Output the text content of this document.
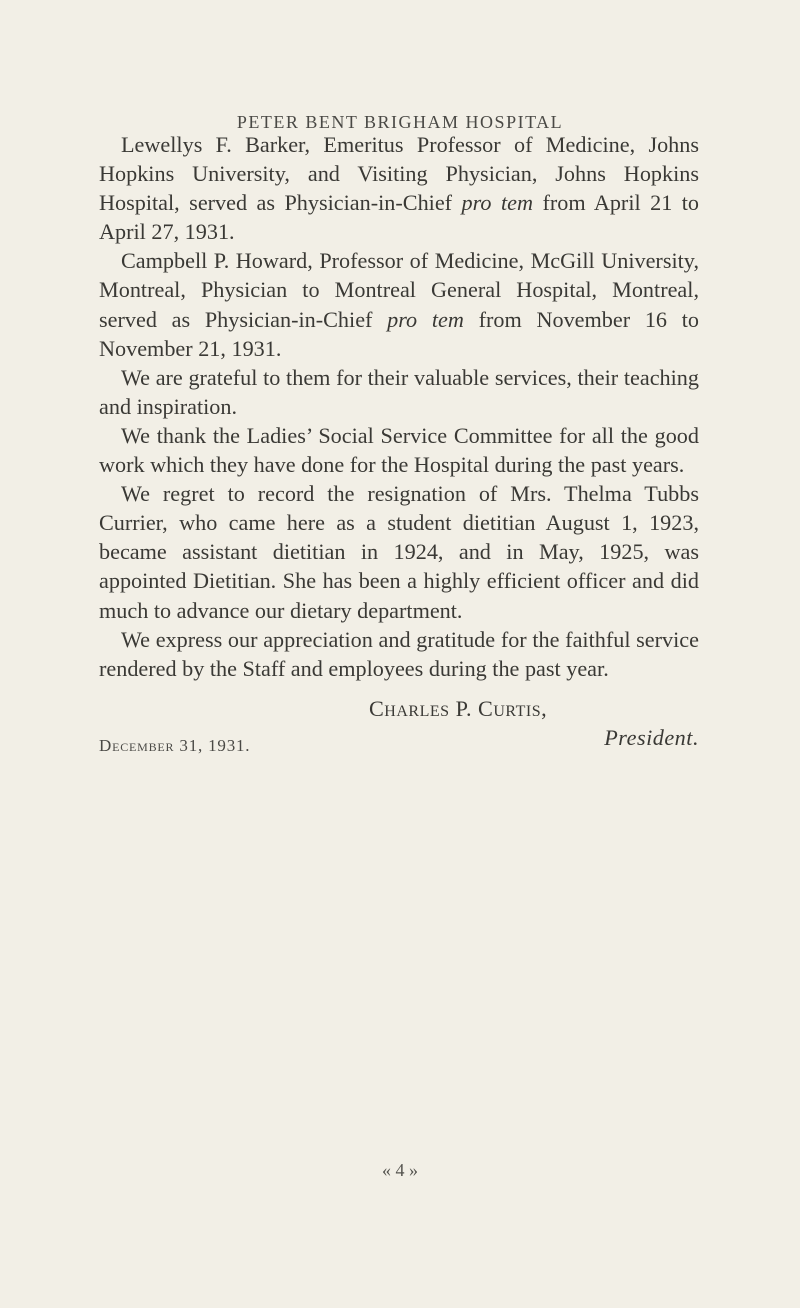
PETER BENT BRIGHAM HOSPITAL

Lewellys F. Barker, Emeritus Professor of Medicine, Johns Hopkins University, and Visiting Physician, Johns Hopkins Hospital, served as Physician-in-Chief pro tem from April 21 to April 27, 1931.

Campbell P. Howard, Professor of Medicine, McGill University, Montreal, Physician to Montreal General Hospital, Montreal, served as Physician-in-Chief pro tem from November 16 to November 21, 1931.

We are grateful to them for their valuable services, their teaching and inspiration.

We thank the Ladies’ Social Service Committee for all the good work which they have done for the Hospital during the past years.

We regret to record the resignation of Mrs. Thelma Tubbs Currier, who came here as a student dietitian August 1, 1923, became assistant dietitian in 1924, and in May, 1925, was appointed Dietitian. She has been a highly efficient officer and did much to advance our dietary department.

We express our appreciation and gratitude for the faithful service rendered by the Staff and employees during the past year.

Charles P. Curtis,
President.
December 31, 1931.
« 4 »
